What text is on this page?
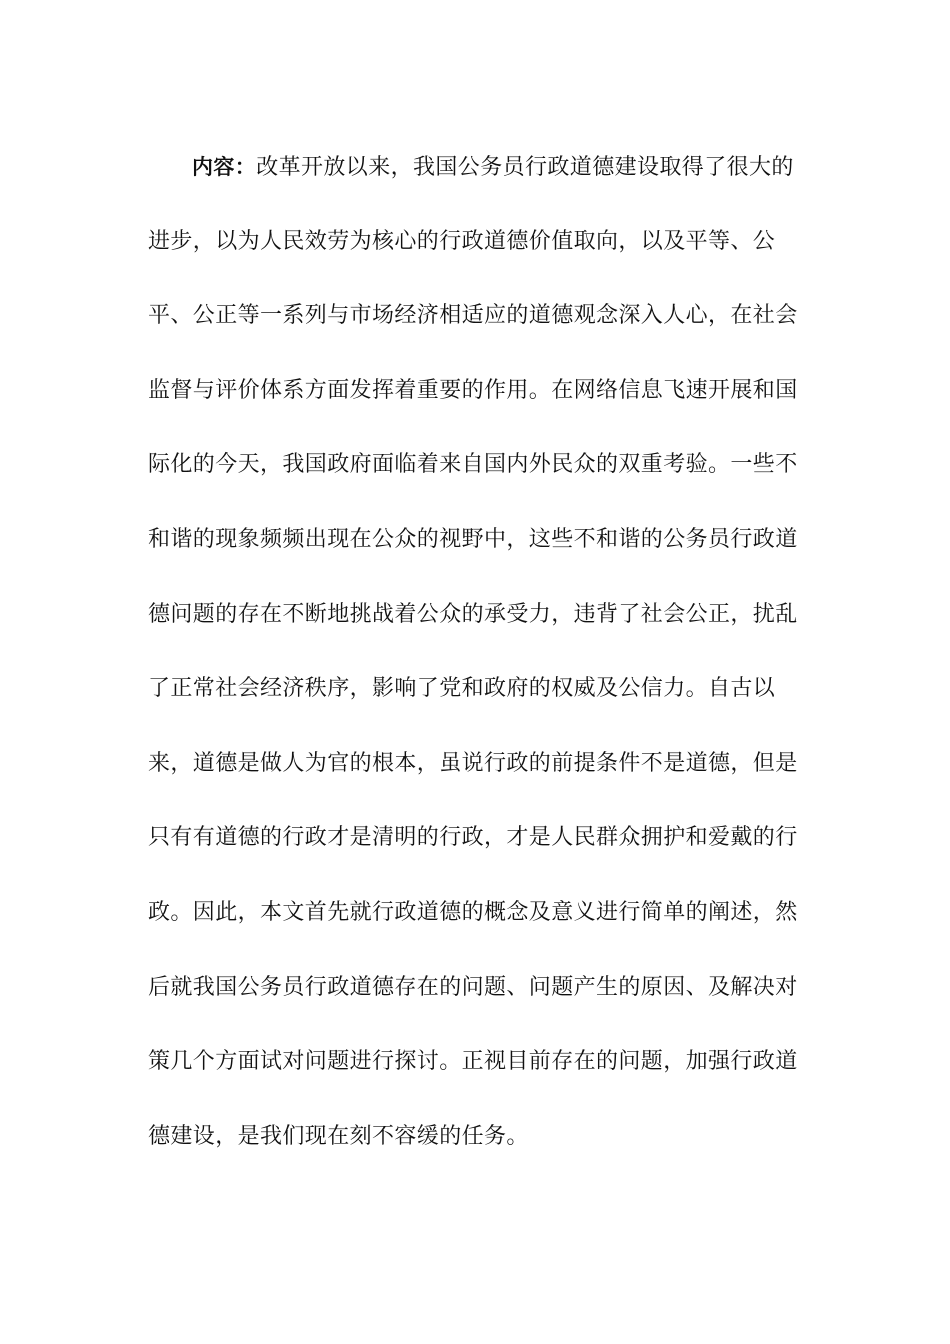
内容：改革开放以来，我国公务员行政道德建设取得了很大的
进步，以为人民效劳为核心的行政道德价值取向，以及平等、公
平、公正等一系列与市场经济相适应的道德观念深入人心，在社会
监督与评价体系方面发挥着重要的作用。在网络信息飞速开展和国
际化的今天，我国政府面临着来自国内外民众的双重考验。一些不
和谐的现象频频出现在公众的视野中，这些不和谐的公务员行政道
德问题的存在不断地挑战着公众的承受力，违背了社会公正，扰乱
了正常社会经济秩序，影响了党和政府的权威及公信力。自古以
来，道德是做人为官的根本，虽说行政的前提条件不是道德，但是
只有有道德的行政才是清明的行政，才是人民群众拥护和爱戴的行
政。因此，本文首先就行政道德的概念及意义进行简单的阐述，然
后就我国公务员行政道德存在的问题、问题产生的原因、及解决对
策几个方面试对问题进行探讨。正视目前存在的问题，加强行政道
德建设，是我们现在刻不容缓的任务。
